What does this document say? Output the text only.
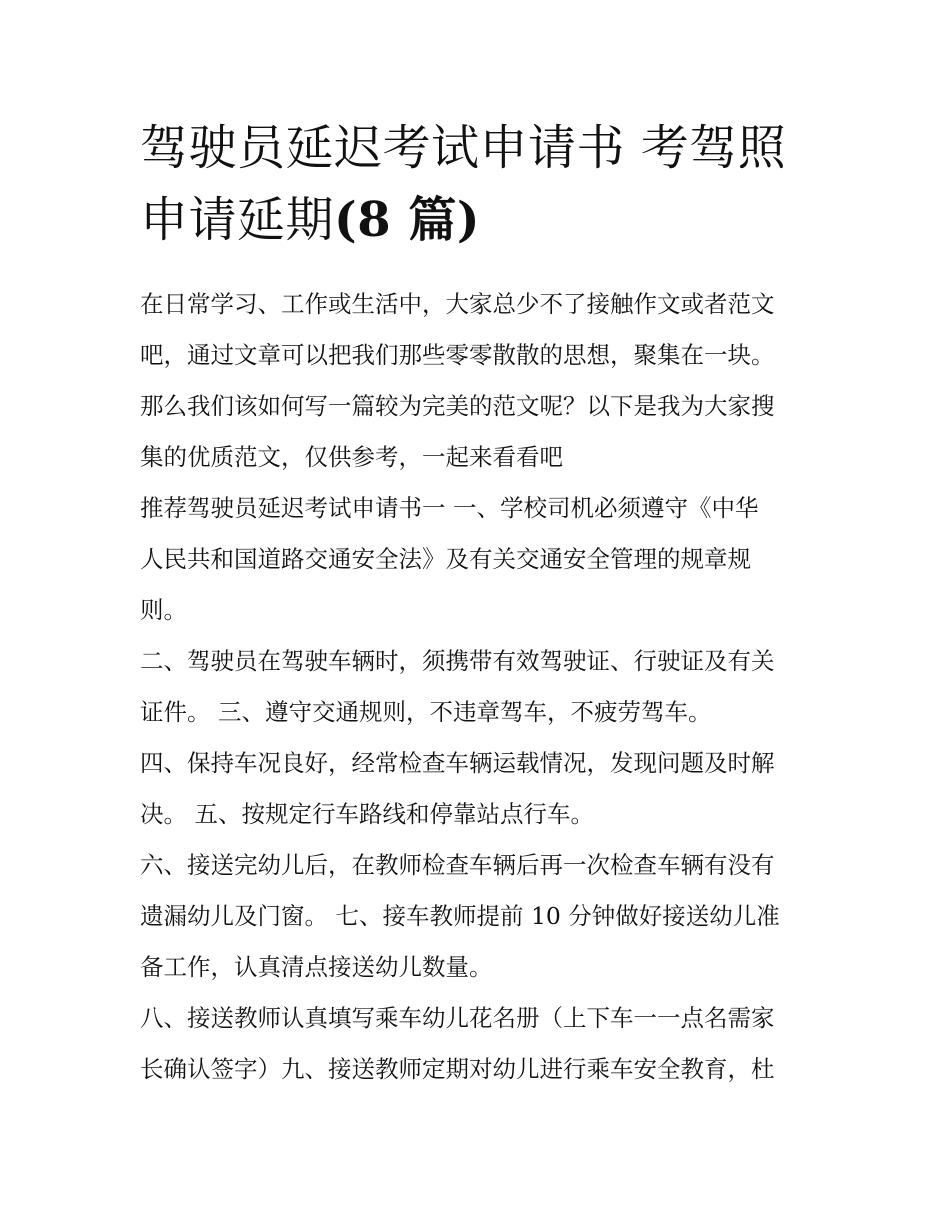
驾驶员延迟考试申请书 考驾照
申请延期(8 篇)

在日常学习、工作或生活中，大家总少不了接触作文或者范文

吧，通过文章可以把我们那些零零散散的思想，聚集在一块。

那么我们该如何写一篇较为完美的范文呢？以下是我为大家搜

集的优质范文，仅供参考，一起来看看吧

推荐驾驶员延迟考试申请书一 一、学校司机必须遵守《中华

人民共和国道路交通安全法》及有关交通安全管理的规章规

则。

二、驾驶员在驾驶车辆时，须携带有效驾驶证、行驶证及有关

证件。 三、遵守交通规则，不违章驾车，不疲劳驾车。

四、保持车况良好，经常检查车辆运载情况，发现问题及时解

决。 五、按规定行车路线和停靠站点行车。

六、接送完幼儿后，在教师检查车辆后再一次检查车辆有没有

遗漏幼儿及门窗。 七、接车教师提前 10 分钟做好接送幼儿准

备工作，认真清点接送幼儿数量。

八、接送教师认真填写乘车幼儿花名册（上下车一一点名需家

长确认签字）九、接送教师定期对幼儿进行乘车安全教育，杜
